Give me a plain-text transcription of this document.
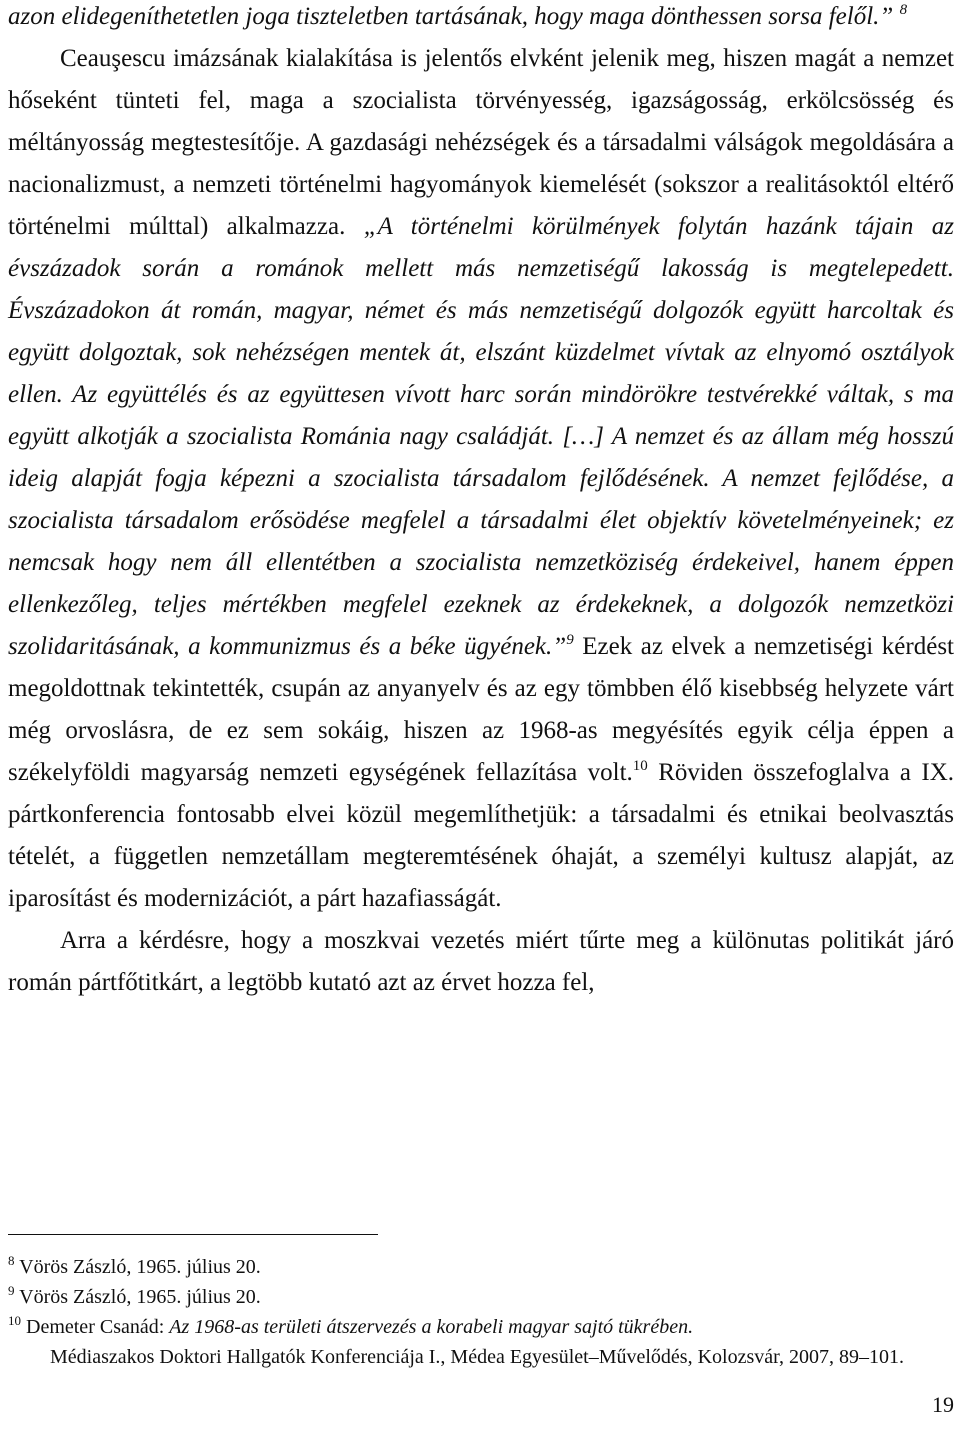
azon elidegeníthetetlen joga tiszteletben tartásának, hogy maga dönthessen sorsa felől.” $^8$

Ceauşescu imázsának kialakítása is jelentős elvként jelenik meg, hiszen magát a nemzet hőseként tünteti fel, maga a szocialista törvényesség, igazságosság, erkölcsösség és méltányosság megtestesítője. A gazdasági nehézségek és a társadalmi válságok megoldására a nacionalizmust, a nemzeti történelmi hagyományok kiemelését (sokszor a realitásoktól eltérő történelmi múlttal) alkalmazza. „A történelmi körülmények folytán hazánk tájain az évszázadok során a románok mellett más nemzetiségű lakosság is megtelepedett. Évszázadokon át román, magyar, német és más nemzetiségű dolgozók együtt harcoltak és együtt dolgoztak, sok nehézségen mentek át, elszánt küzdelmet vívtak az elnyomó osztályok ellen. Az együttélés és az együttesen vívott harc során mindörökre testvérekké váltak, s ma együtt alkotják a szocialista Románia nagy családját. […] A nemzet és az állam még hosszú ideig alapját fogja képezni a szocialista társadalom fejlődésének. A nemzet fejlődése, a szocialista társadalom erősödése megfelel a társadalmi élet objektív követelményeinek; ez nemcsak hogy nem áll ellentétben a szocialista nemzetköziség érdekeivel, hanem éppen ellenkezőleg, teljes mértékben megfelel ezeknek az érdekeknek, a dolgozók nemzetközi szolidaritásának, a kommunizmus és a béke ügyének.”$^9$ Ezek az elvek a nemzetiségi kérdést megoldottnak tekintették, csupán az anyanyelv és az egy tömbben élő kisebbség helyzete várt még orvoslásra, de ez sem sokáig, hiszen az 1968-as megyésítés egyik célja éppen a székelyföldi magyarság nemzeti egységének fellazítása volt.$^{10}$ Röviden összefoglalva a IX. pártkonferencia fontosabb elvei közül megemlíthetjük: a társadalmi és etnikai beolvasztás tételét, a független nemzetállam megteremtésének óhaját, a személyi kultusz alapját, az iparosítást és modernizációt, a párt hazafiasságát.

Arra a kérdésre, hogy a moszkvai vezetés miért tűrte meg a különutas politikát járó román pártfőtitkárt, a legtöbb kutató azt az érvet hozza fel,

$^8$ Vörös Zászló, 1965. július 20.

$^9$ Vörös Zászló, 1965. július 20.

$^{10}$ Demeter Csanád: Az 1968-as területi átszervezés a korabeli magyar sajtó tükrében.
Médiaszakos Doktori Hallgatók Konferenciája I., Médea Egyesület–Művelődés, Kolozsvár, 2007, 89–101.

19
